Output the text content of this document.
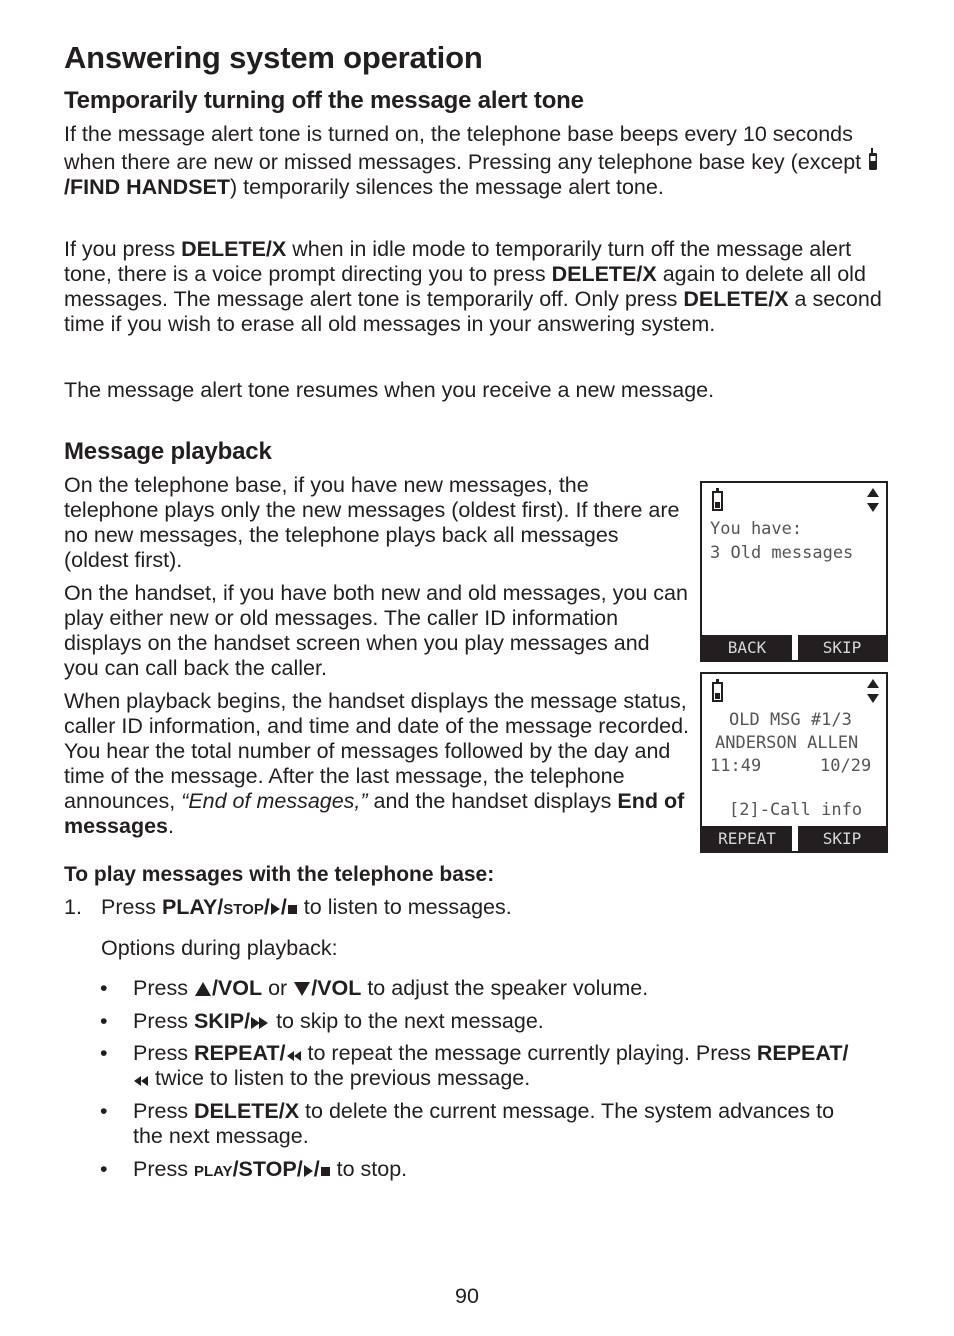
Answering system operation
Temporarily turning off the message alert tone

If the message alert tone is turned on, the telephone base beeps every 10 seconds when there are new or missed messages. Pressing any telephone base key (except /FIND HANDSET) temporarily silences the message alert tone.

If you press DELETE/X when in idle mode to temporarily turn off the message alert tone, there is a voice prompt directing you to press DELETE/X again to delete all old messages. The message alert tone is temporarily off. Only press DELETE/X a second time if you wish to erase all old messages in your answering system.

The message alert tone resumes when you receive a new message.

Message playback

On the telephone base, if you have new messages, the telephone plays only the new messages (oldest first). If there are no new messages, the telephone plays back all messages (oldest first).

On the handset, if you have both new and old messages, you can play either new or old messages. The caller ID information displays on the handset screen when you play messages and you can call back the caller.

When playback begins, the handset displays the message status, caller ID information, and time and date of the message recorded. You hear the total number of messages followed by the day and time of the message. After the last message, the telephone announces, “End of messages,” and the handset displays End of messages.

You have:
3 Old messages
BACK	SKIP
OLD MSG #1/3
ANDERSON ALLEN
11:49	10/29
[2]-Call info
REPEAT	SKIP
To play messages with the telephone base:
1. Press PLAY/STOP/ / to listen to messages.
Options during playback:
• Press /VOL or /VOL to adjust the speaker volume.
• Press SKIP/ to skip to the next message.
• Press REPEAT/ to repeat the message currently playing. Press REPEAT/ twice to listen to the previous message.
• Press DELETE/X to delete the current message. The system advances to the next message.
• Press PLAY/STOP/ / to stop.
90
